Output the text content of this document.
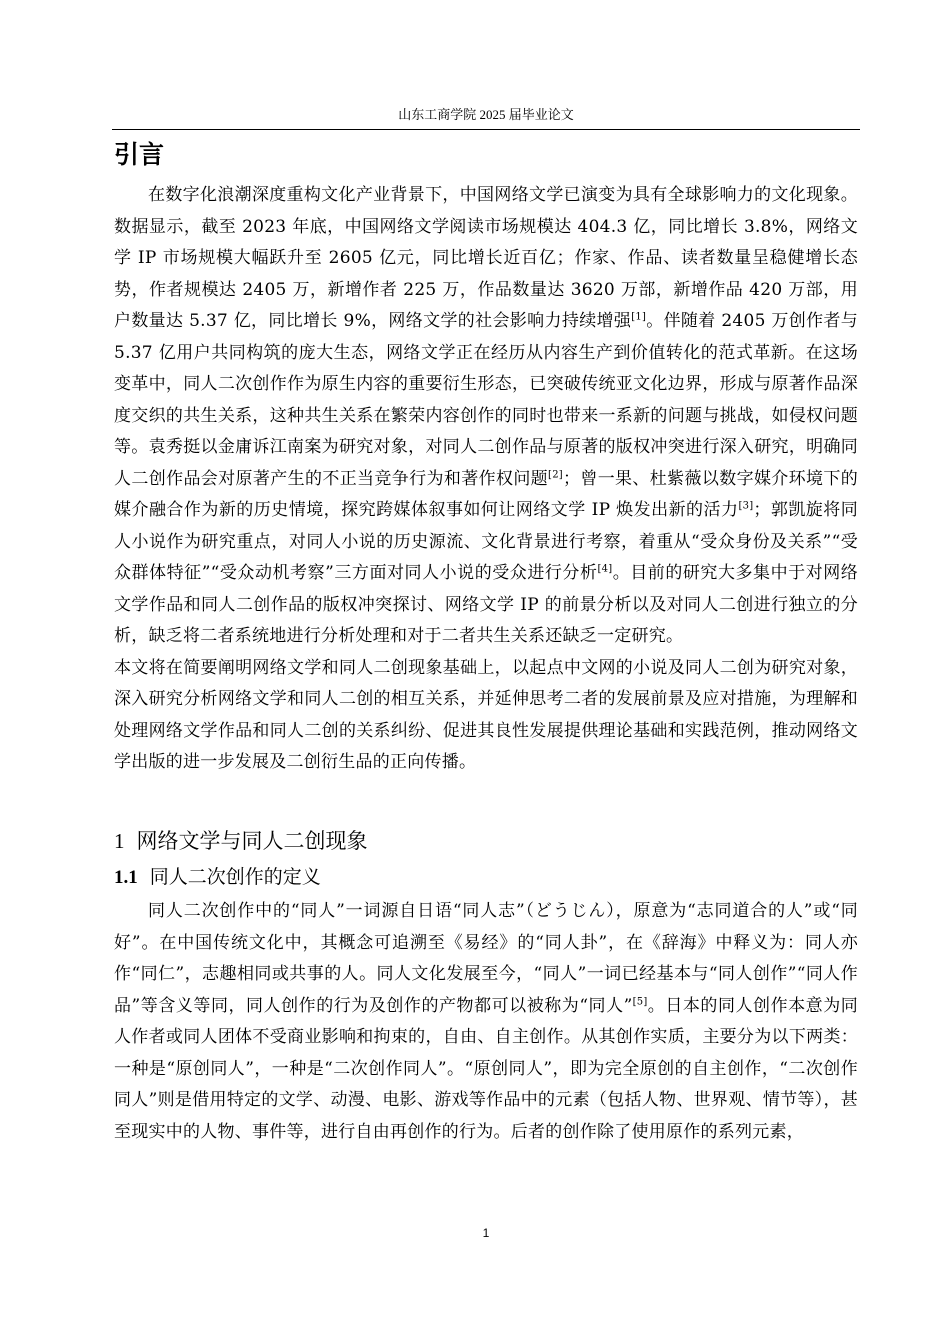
山东工商学院 2025 届毕业论文
引言

在数字化浪潮深度重构文化产业背景下，中国网络文学已演变为具有全球影响力的文化现象。数据显示，截至 2023 年底，中国网络文学阅读市场规模达 404.3 亿，同比增长 3.8%，网络文学 IP 市场规模大幅跃升至 2605 亿元，同比增长近百亿；作家、作品、读者数量呈稳健增长态势，作者规模达 2405 万，新增作者 225 万，作品数量达 3620 万部，新增作品 420 万部，用户数量达 5.37 亿，同比增长 9%，网络文学的社会影响力持续增强[1]。伴随着 2405 万创作者与 5.37 亿用户共同构筑的庞大生态，网络文学正在经历从内容生产到价值转化的范式革新。在这场变革中，同人二次创作作为原生内容的重要衍生形态，已突破传统亚文化边界，形成与原著作品深度交织的共生关系，这种共生关系在繁荣内容创作的同时也带来一系新的问题与挑战，如侵权问题等。袁秀挺以金庸诉江南案为研究对象，对同人二创作品与原著的版权冲突进行深入研究，明确同人二创作品会对原著产生的不正当竞争行为和著作权问题[2]；曾一果、杜紫薇以数字媒介环境下的媒介融合作为新的历史情境，探究跨媒体叙事如何让网络文学 IP 焕发出新的活力[3]；郭凯旋将同人小说作为研究重点，对同人小说的历史源流、文化背景进行考察，着重从“受众身份及关系”“受众群体特征”“受众动机考察”三方面对同人小说的受众进行分析[4]。目前的研究大多集中于对网络文学作品和同人二创作品的版权冲突探讨、网络文学 IP 的前景分析以及对同人二创进行独立的分析，缺乏将二者系统地进行分析处理和对于二者共生关系还缺乏一定研究。

本文将在简要阐明网络文学和同人二创现象基础上，以起点中文网的小说及同人二创为研究对象，深入研究分析网络文学和同人二创的相互关系，并延伸思考二者的发展前景及应对措施，为理解和处理网络文学作品和同人二创的关系纠纷、促进其良性发展提供理论基础和实践范例，推动网络文学出版的进一步发展及二创衍生品的正向传播。

1 网络文学与同人二创现象
1.1 同人二次创作的定义

同人二次创作中的“同人”一词源自日语“同人志”（どうじん），原意为“志同道合的人”或“同好”。在中国传统文化中，其概念可追溯至《易经》的“同人卦”，在《辞海》中释义为：同人亦作“同仁”，志趣相同或共事的人。同人文化发展至今，“同人”一词已经基本与“同人创作”“同人作品”等含义等同，同人创作的行为及创作的产物都可以被称为“同人”[5]。日本的同人创作本意为同人作者或同人团体不受商业影响和拘束的，自由、自主创作。从其创作实质，主要分为以下两类：一种是“原创同人”，一种是“二次创作同人”。“原创同人”，即为完全原创的自主创作，“二次创作同人”则是借用特定的文学、动漫、电影、游戏等作品中的元素（包括人物、世界观、情节等），甚至现实中的人物、事件等，进行自由再创作的行为。后者的创作除了使用原作的系列元素，

1
